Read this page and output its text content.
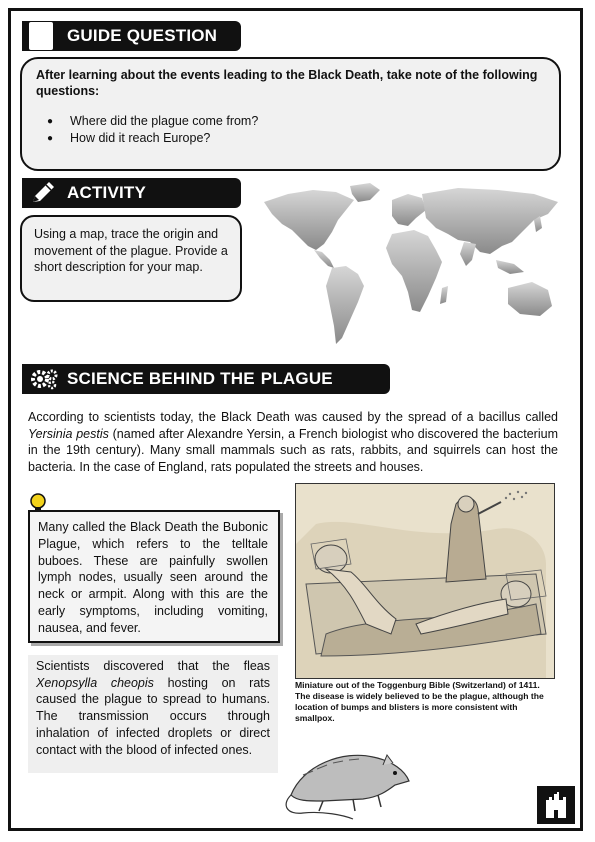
GUIDE QUESTION
After learning about the events leading to the Black Death, take note of the following questions:
● Where did the plague come from?
● How did it reach Europe?
ACTIVITY
Using a map, trace the origin and movement of the plague. Provide a short description for your map.
SCIENCE BEHIND THE PLAGUE
According to scientists today, the Black Death was caused by the spread of a bacillus called Yersinia pestis (named after Alexandre Yersin, a French biologist who discovered the bacterium in the 19th century). Many small mammals such as rats, rabbits, and squirrels can host the bacteria. In the case of England, rats populated the streets and houses.
Many called the Black Death the Bubonic Plague, which refers to the telltale buboes. These are painfully swollen lymph nodes, usually seen around the neck or armpit. Along with this are the early symptoms, including vomiting, nausea, and fever.
Scientists discovered that the fleas Xenopsylla cheopis hosting on rats caused the plague to spread to humans. The transmission occurs through inhalation of infected droplets or direct contact with the blood of infected ones.
Miniature out of the Toggenburg Bible (Switzerland) of 1411. The disease is widely believed to be the plague, although the location of bumps and blisters is more consistent with smallpox.
